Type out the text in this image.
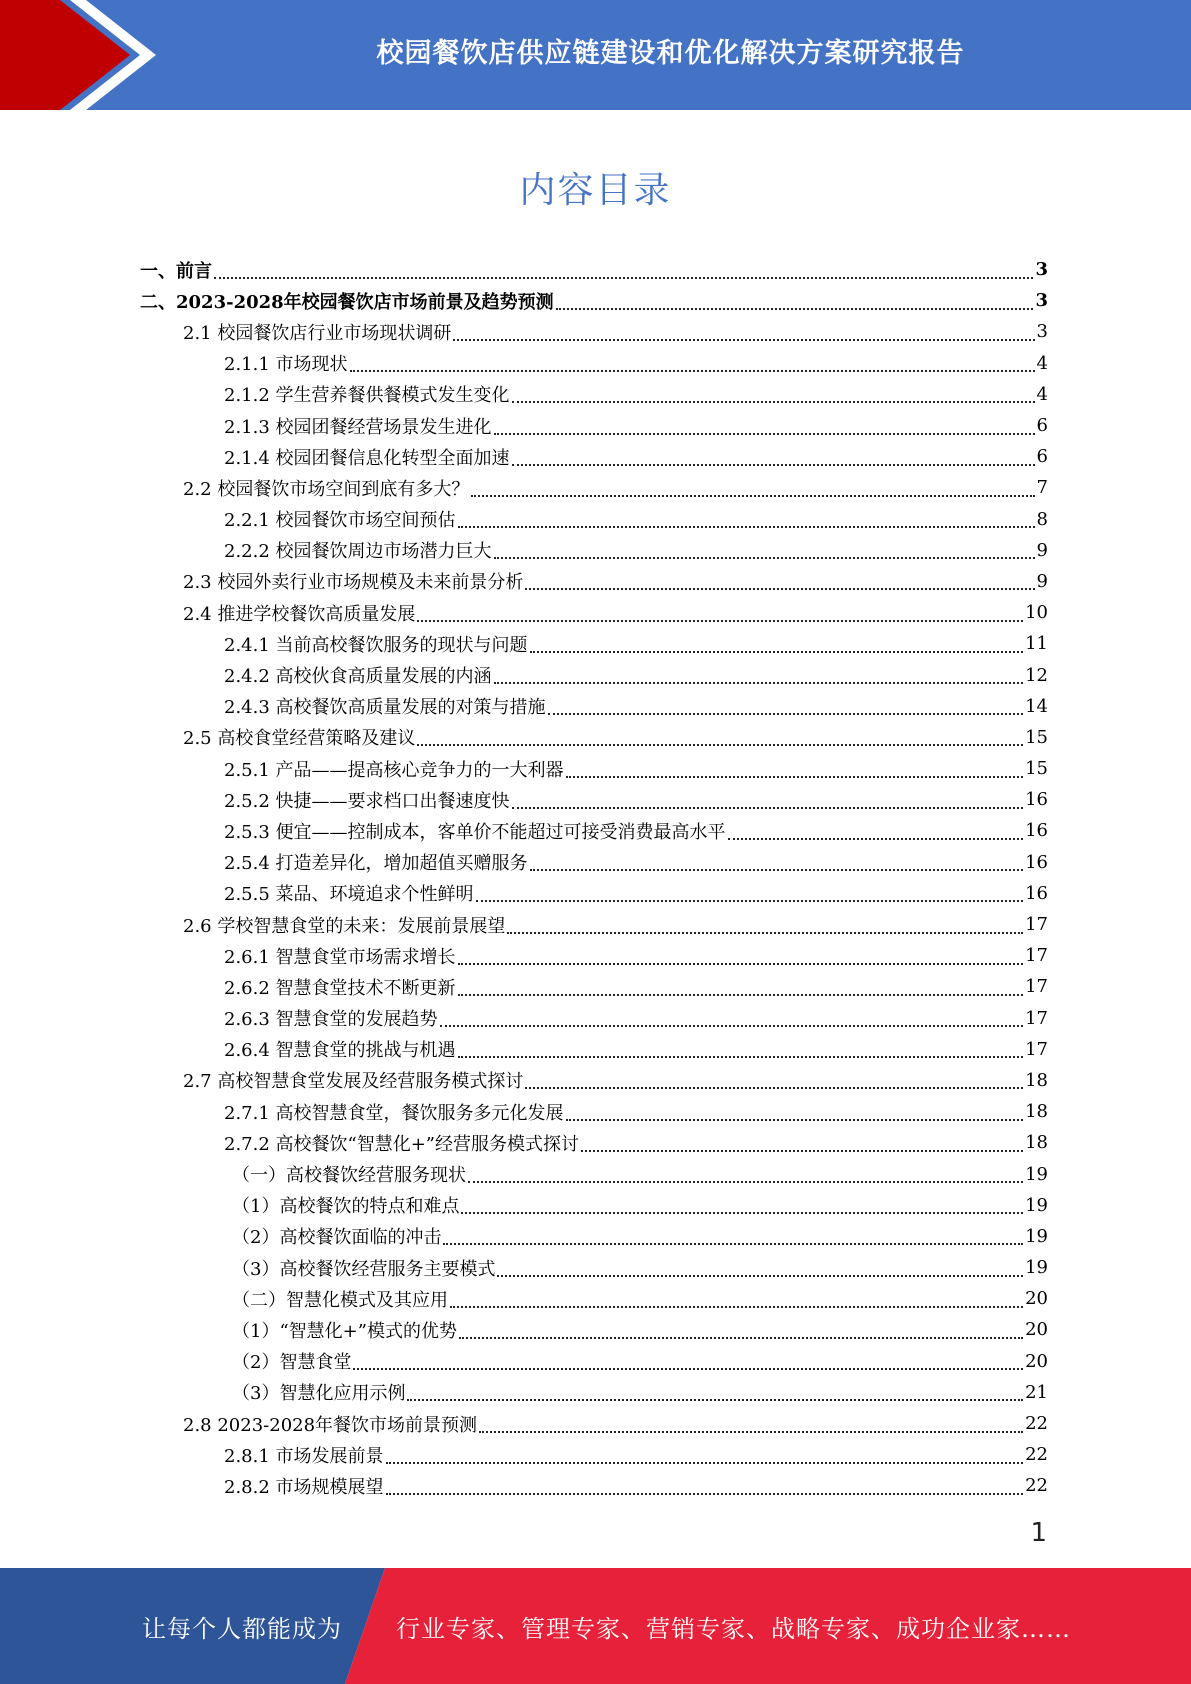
校园餐饮店供应链建设和优化解决方案研究报告
内容目录
一、前言	3
二、2023-2028年校园餐饮店市场前景及趋势预测	3
2.1 校园餐饮店行业市场现状调研	3
2.1.1 市场现状	4
2.1.2 学生营养餐供餐模式发生变化	4
2.1.3 校园团餐经营场景发生进化	6
2.1.4 校园团餐信息化转型全面加速	6
2.2 校园餐饮市场空间到底有多大？	7
2.2.1 校园餐饮市场空间预估	8
2.2.2 校园餐饮周边市场潜力巨大	9
2.3 校园外卖行业市场规模及未来前景分析	9
2.4 推进学校餐饮高质量发展	10
2.4.1 当前高校餐饮服务的现状与问题	11
2.4.2 高校伙食高质量发展的内涵	12
2.4.3 高校餐饮高质量发展的对策与措施	14
2.5 高校食堂经营策略及建议	15
2.5.1 产品——提高核心竞争力的一大利器	15
2.5.2 快捷——要求档口出餐速度快	16
2.5.3 便宜——控制成本，客单价不能超过可接受消费最高水平	16
2.5.4 打造差异化，增加超值买赠服务	16
2.5.5 菜品、环境追求个性鲜明	16
2.6 学校智慧食堂的未来：发展前景展望	17
2.6.1 智慧食堂市场需求增长	17
2.6.2 智慧食堂技术不断更新	17
2.6.3 智慧食堂的发展趋势	17
2.6.4 智慧食堂的挑战与机遇	17
2.7 高校智慧食堂发展及经营服务模式探讨	18
2.7.1 高校智慧食堂，餐饮服务多元化发展	18
2.7.2 高校餐饮“智慧化+”经营服务模式探讨	18
（一）高校餐饮经营服务现状	19
（1）高校餐饮的特点和难点	19
（2）高校餐饮面临的冲击	19
（3）高校餐饮经营服务主要模式	19
（二）智慧化模式及其应用	20
（1）“智慧化+”模式的优势	20
（2）智慧食堂	20
（3）智慧化应用示例	21
2.8 2023-2028年餐饮市场前景预测	22
2.8.1 市场发展前景	22
2.8.2 市场规模展望	22
1
让每个人都能成为 行业专家、管理专家、营销专家、战略专家、成功企业家……
